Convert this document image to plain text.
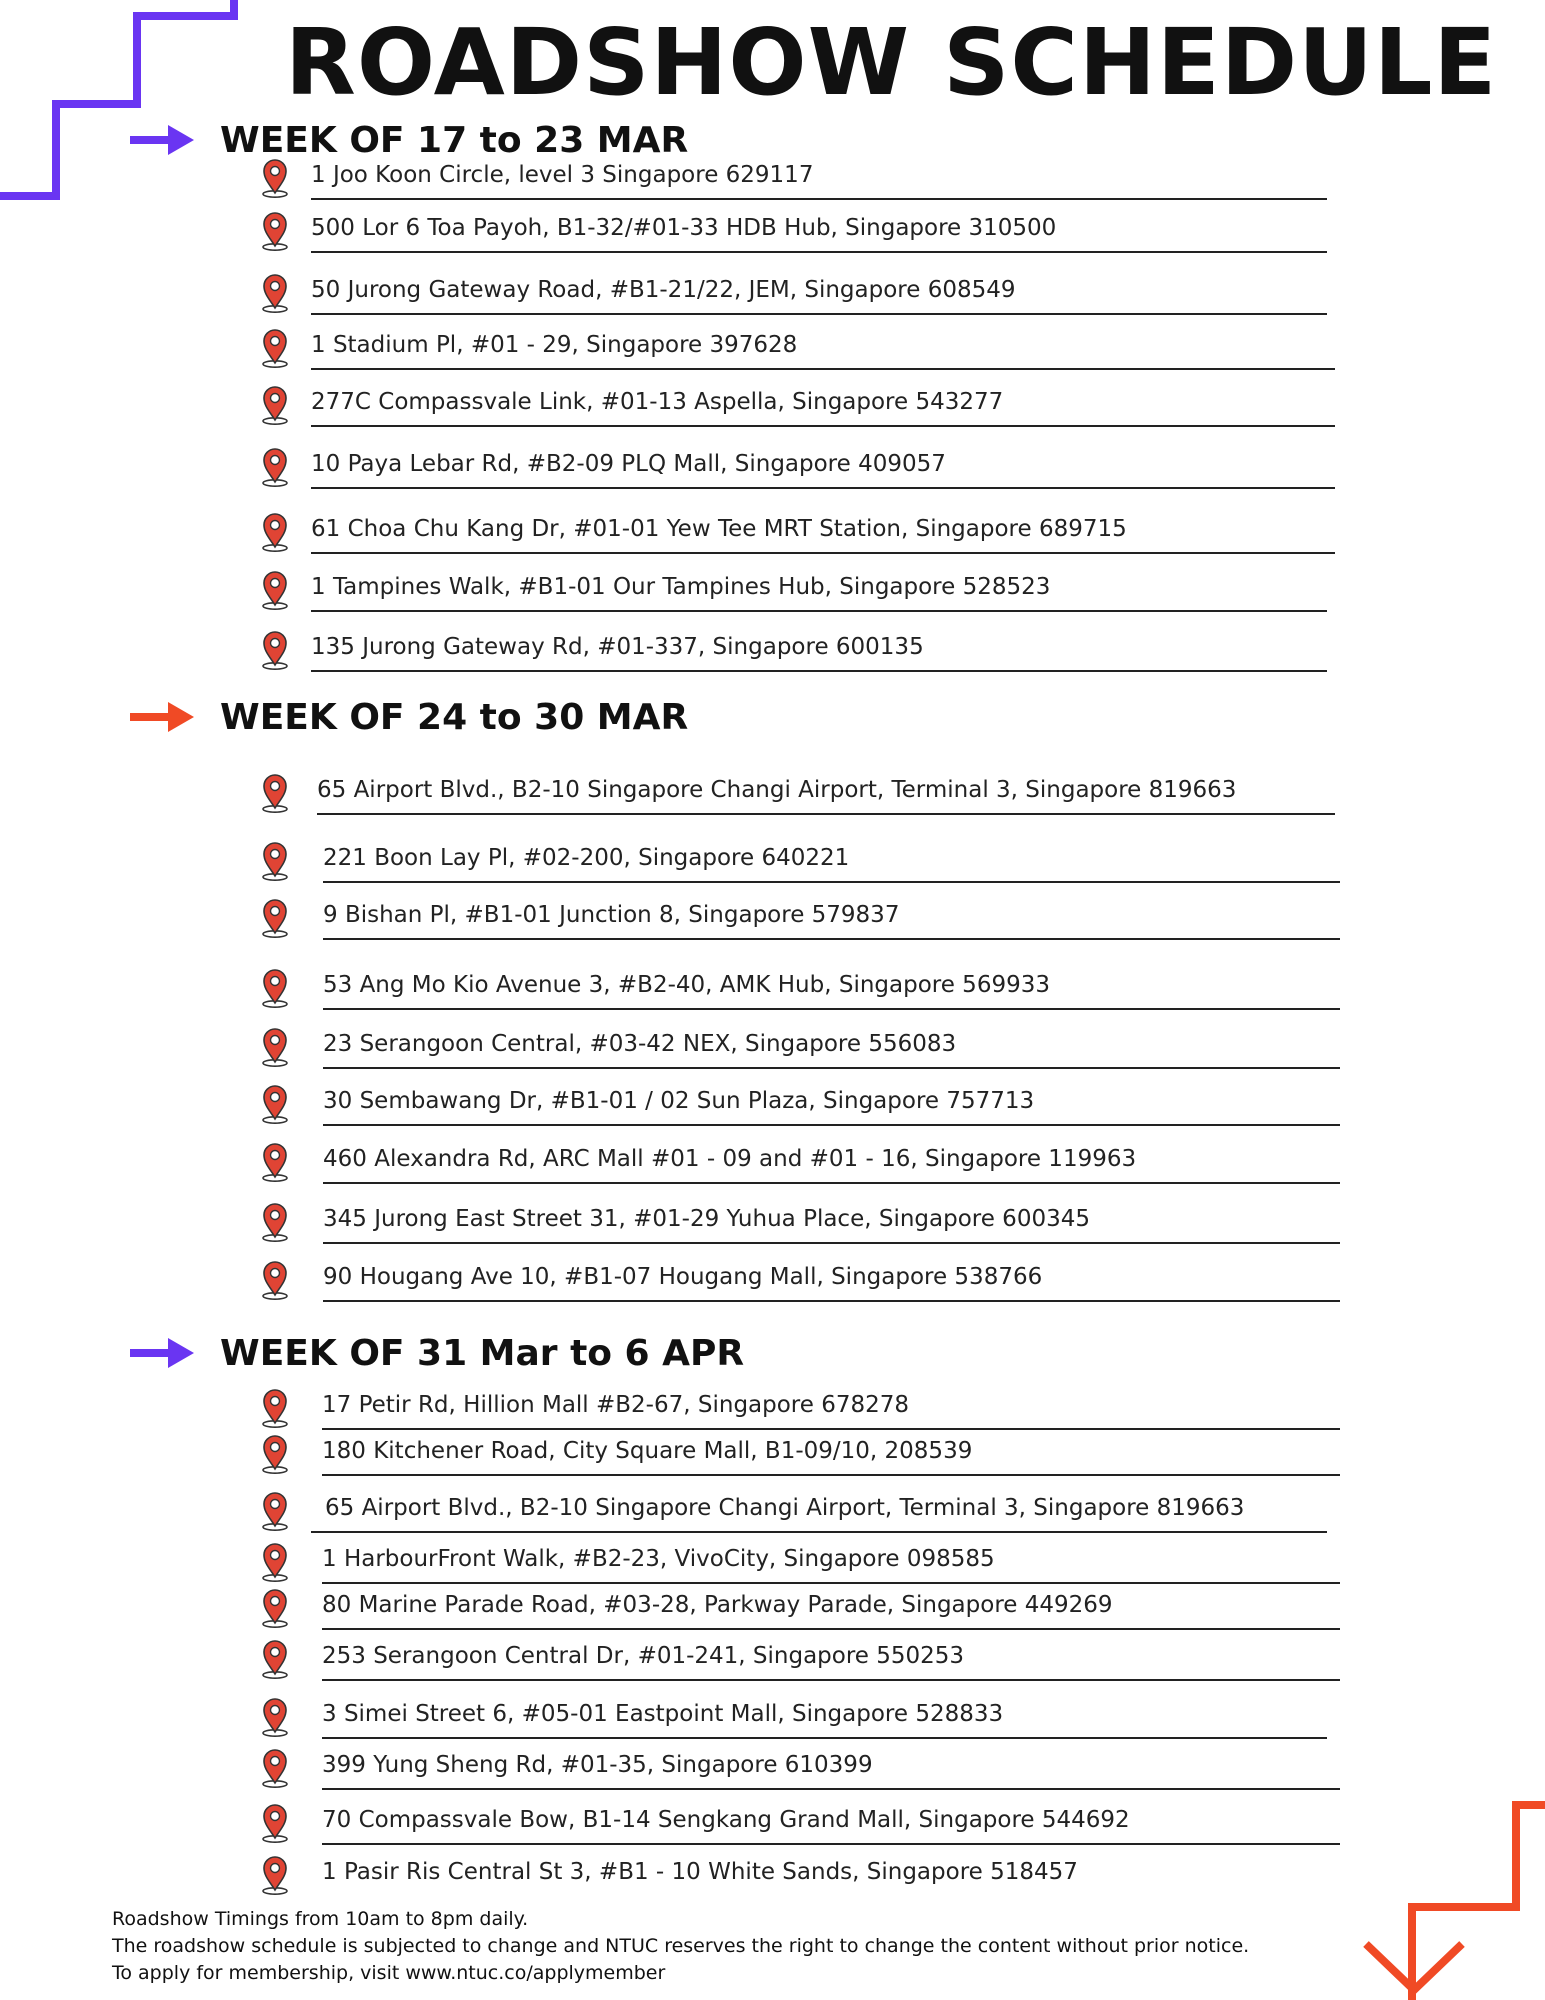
ROADSHOW SCHEDULE
WEEK OF 17 to 23 MAR
1 Joo Koon Circle, level 3 Singapore 629117
500 Lor 6 Toa Payoh, B1-32/#01-33 HDB Hub, Singapore 310500
50 Jurong Gateway Road, #B1-21/22, JEM, Singapore 608549
1 Stadium Pl, #01 - 29, Singapore 397628
277C Compassvale Link, #01-13 Aspella, Singapore 543277
10 Paya Lebar Rd, #B2-09 PLQ Mall, Singapore 409057
61 Choa Chu Kang Dr, #01-01 Yew Tee MRT Station, Singapore 689715
1 Tampines Walk, #B1-01 Our Tampines Hub, Singapore 528523
135 Jurong Gateway Rd, #01-337, Singapore 600135
WEEK OF 24 to 30 MAR
65 Airport Blvd., B2-10 Singapore Changi Airport, Terminal 3, Singapore 819663
221 Boon Lay Pl, #02-200, Singapore 640221
9 Bishan Pl, #B1-01 Junction 8, Singapore 579837
53 Ang Mo Kio Avenue 3, #B2-40, AMK Hub, Singapore 569933
23 Serangoon Central, #03-42 NEX, Singapore 556083
30 Sembawang Dr, #B1-01 / 02 Sun Plaza, Singapore 757713
460 Alexandra Rd, ARC Mall #01 - 09 and #01 - 16, Singapore 119963
345 Jurong East Street 31, #01-29 Yuhua Place, Singapore 600345
90 Hougang Ave 10, #B1-07 Hougang Mall, Singapore 538766
WEEK OF 31 Mar to 6 APR
17 Petir Rd, Hillion Mall #B2-67, Singapore 678278
180 Kitchener Road, City Square Mall, B1-09/10, 208539
65 Airport Blvd., B2-10 Singapore Changi Airport, Terminal 3, Singapore 819663
1 HarbourFront Walk, #B2-23, VivoCity, Singapore 098585
80 Marine Parade Road, #03-28, Parkway Parade, Singapore 449269
253 Serangoon Central Dr, #01-241, Singapore 550253
3 Simei Street 6, #05-01 Eastpoint Mall, Singapore 528833
399 Yung Sheng Rd, #01-35, Singapore 610399
70 Compassvale Bow, B1-14 Sengkang Grand Mall, Singapore 544692
1 Pasir Ris Central St 3, #B1 - 10 White Sands, Singapore 518457
Roadshow Timings from 10am to 8pm daily.
The roadshow schedule is subjected to change and NTUC reserves the right to change the content without prior notice.
To apply for membership, visit www.ntuc.co/applymember
